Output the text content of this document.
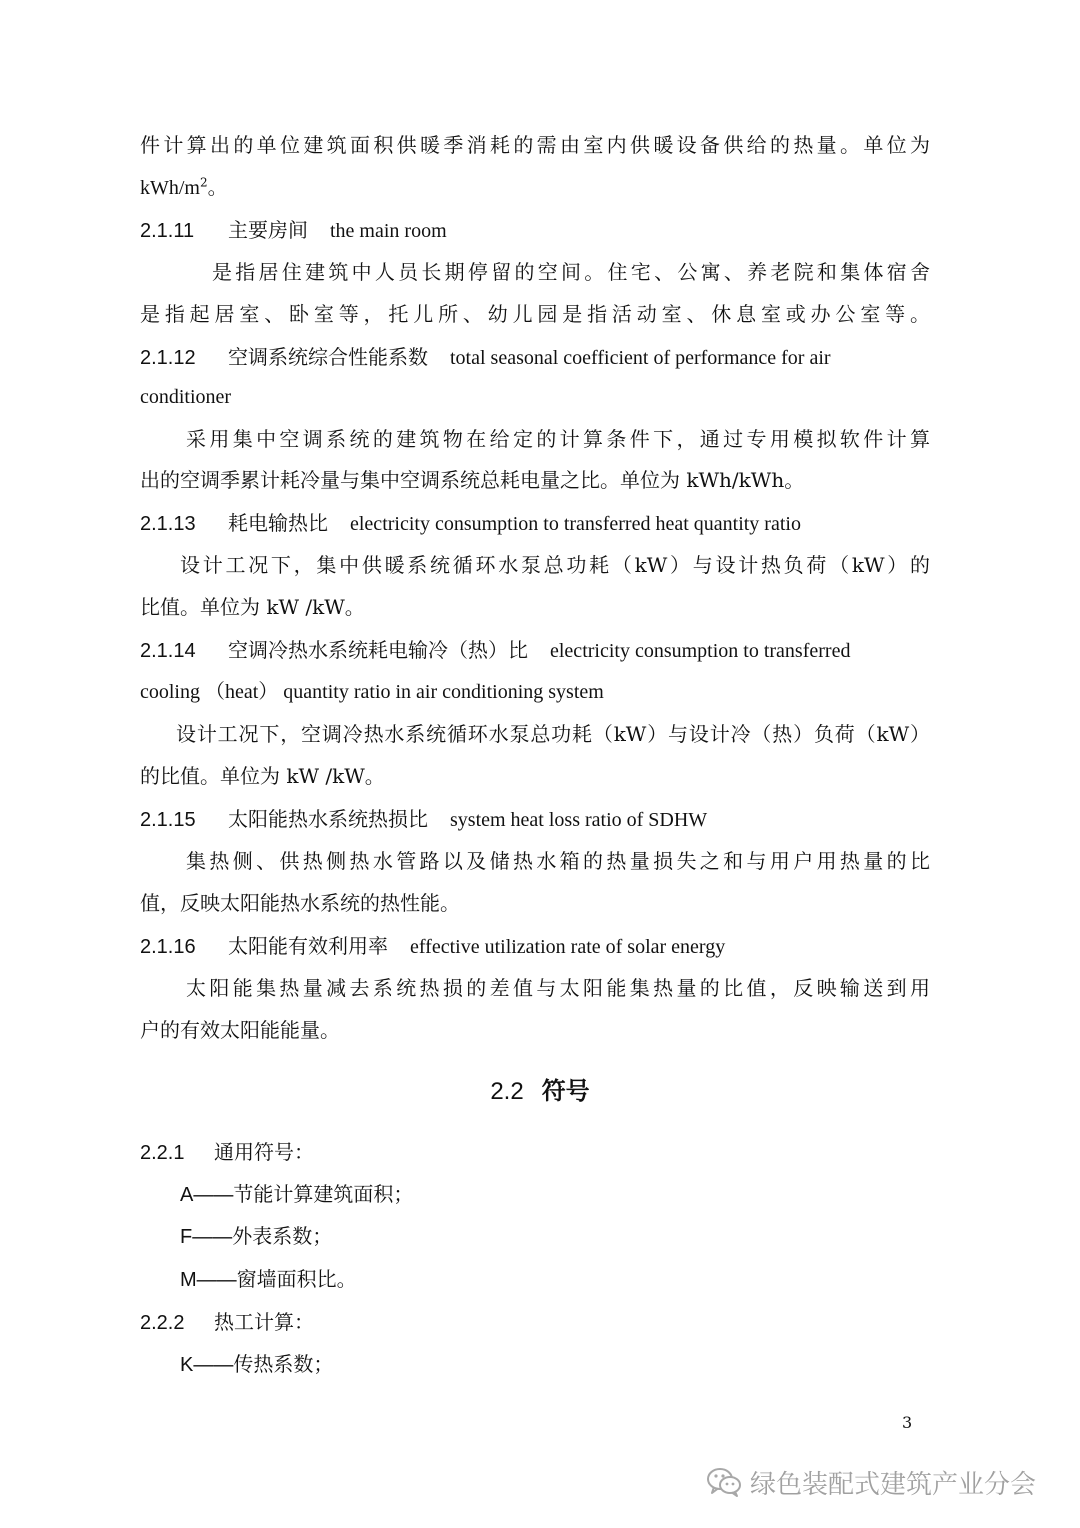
件计算出的单位建筑面积供暖季消耗的需由室内供暖设备供给的热量。单位为
kWh/$m^2$。
2.1.11 主要房间 the main room
是指居住建筑中人员长期停留的空间。住宅、公寓、养老院和集体宿舍
是指起居室、卧室等，托儿所、幼儿园是指活动室、休息室或办公室等。
2.1.12 空调系统综合性能系数 total seasonal coefficient of performance for air
conditioner
采用集中空调系统的建筑物在给定的计算条件下，通过专用模拟软件计算
出的空调季累计耗冷量与集中空调系统总耗电量之比。单位为 kWh/kWh。
2.1.13 耗电输热比 electricity consumption to transferred heat quantity ratio
设计工况下，集中供暖系统循环水泵总功耗（kW）与设计热负荷（kW）的
比值。单位为 kW /kW。
2.1.14 空调冷热水系统耗电输冷（热）比 electricity consumption to transferred
cooling （heat） quantity ratio in air conditioning system
设计工况下，空调冷热水系统循环水泵总功耗（kW）与设计冷（热）负荷（kW）
的比值。单位为 kW /kW。
2.1.15 太阳能热水系统热损比 system heat loss ratio of SDHW
集热侧、供热侧热水管路以及储热水箱的热量损失之和与用户用热量的比
值，反映太阳能热水系统的热性能。
2.1.16 太阳能有效利用率 effective utilization rate of solar energy
太阳能集热量减去系统热损的差值与太阳能集热量的比值，反映输送到用
户的有效太阳能能量。
2.2 符号
2.2.1 通用符号：
A——节能计算建筑面积；
F——外表系数；
M——窗墙面积比。
2.2.2 热工计算：
K——传热系数；
3
绿色装配式建筑产业分会
